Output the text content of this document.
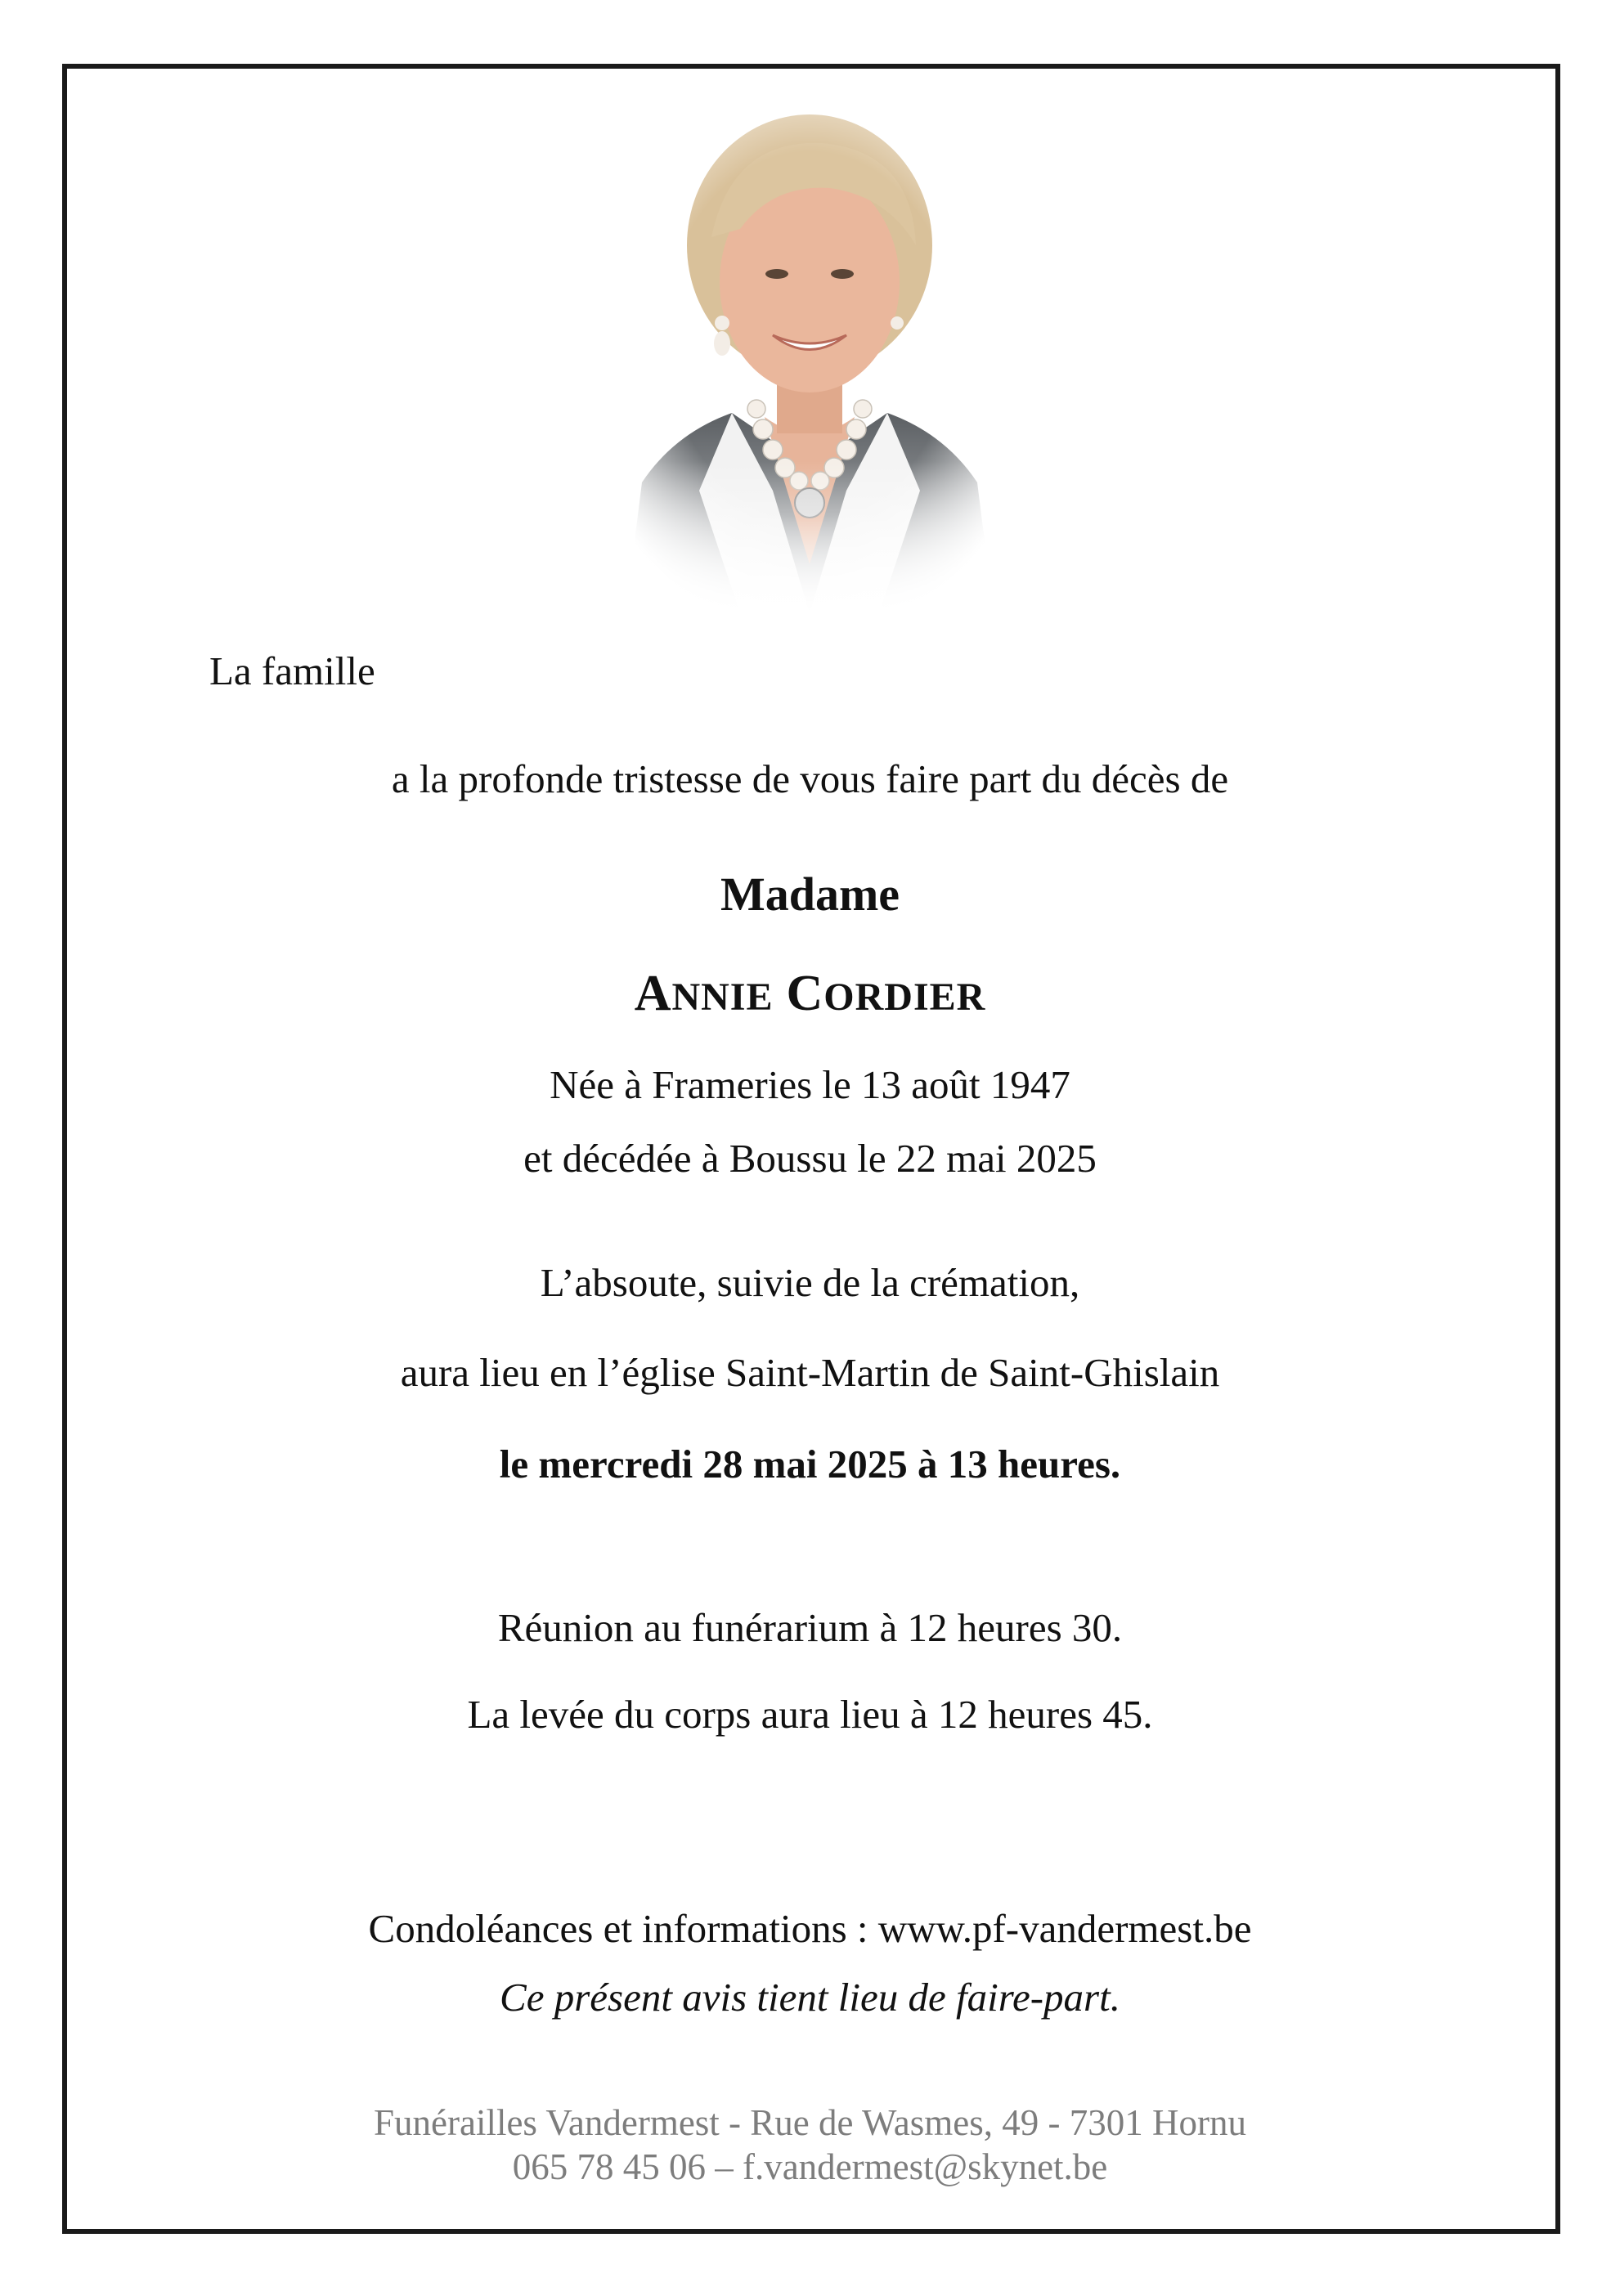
La famille
a la profonde tristesse de vous faire part du décès de
Madame
ANNIE CORDIER
Née à Frameries le 13 août 1947
et décédée à Boussu le 22 mai 2025
L’absoute, suivie de la crémation,
aura lieu en l’église Saint-Martin de Saint-Ghislain
le mercredi 28 mai 2025 à 13 heures.
Réunion au funérarium à 12 heures 30.
La levée du corps aura lieu à 12 heures 45.
Condoléances et informations : www.pf-vandermest.be
Ce présent avis tient lieu de faire-part.
Funérailles Vandermest - Rue de Wasmes, 49 - 7301 Hornu
065 78 45 06 – f.vandermest@skynet.be
